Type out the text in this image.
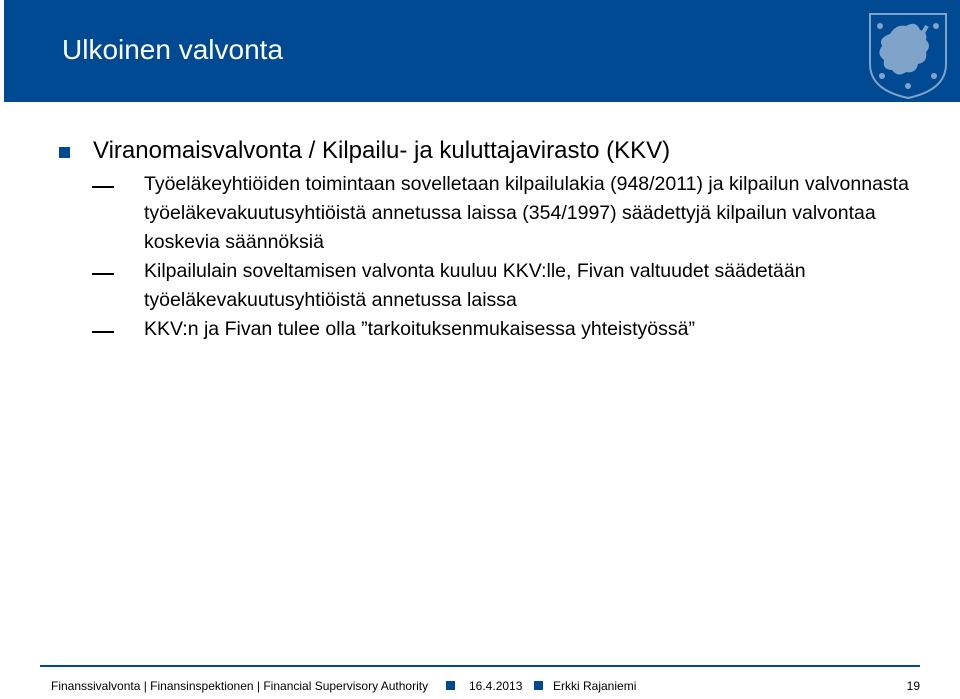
Ulkoinen valvonta
Viranomaisvalvonta / Kilpailu- ja kuluttajavirasto (KKV)
Työeläkeyhtiöiden toimintaan sovelletaan kilpailulakia (948/2011) ja kilpailun valvonnasta työeläkevakuutusyhtiöistä annetussa laissa (354/1997) säädettyjä kilpailun valvontaa koskevia säännöksiä
Kilpailulain soveltamisen valvonta kuuluu KKV:lle, Fivan valtuudet säädetään työeläkevakuutusyhtiöistä annetussa laissa
KKV:n ja Fivan tulee olla ”tarkoituksenmukaisessa yhteistyössä”
Finanssivalvonta | Finansinspektionen | Financial Supervisory Authority	16.4.2013	Erkki Rajaniemi	19
